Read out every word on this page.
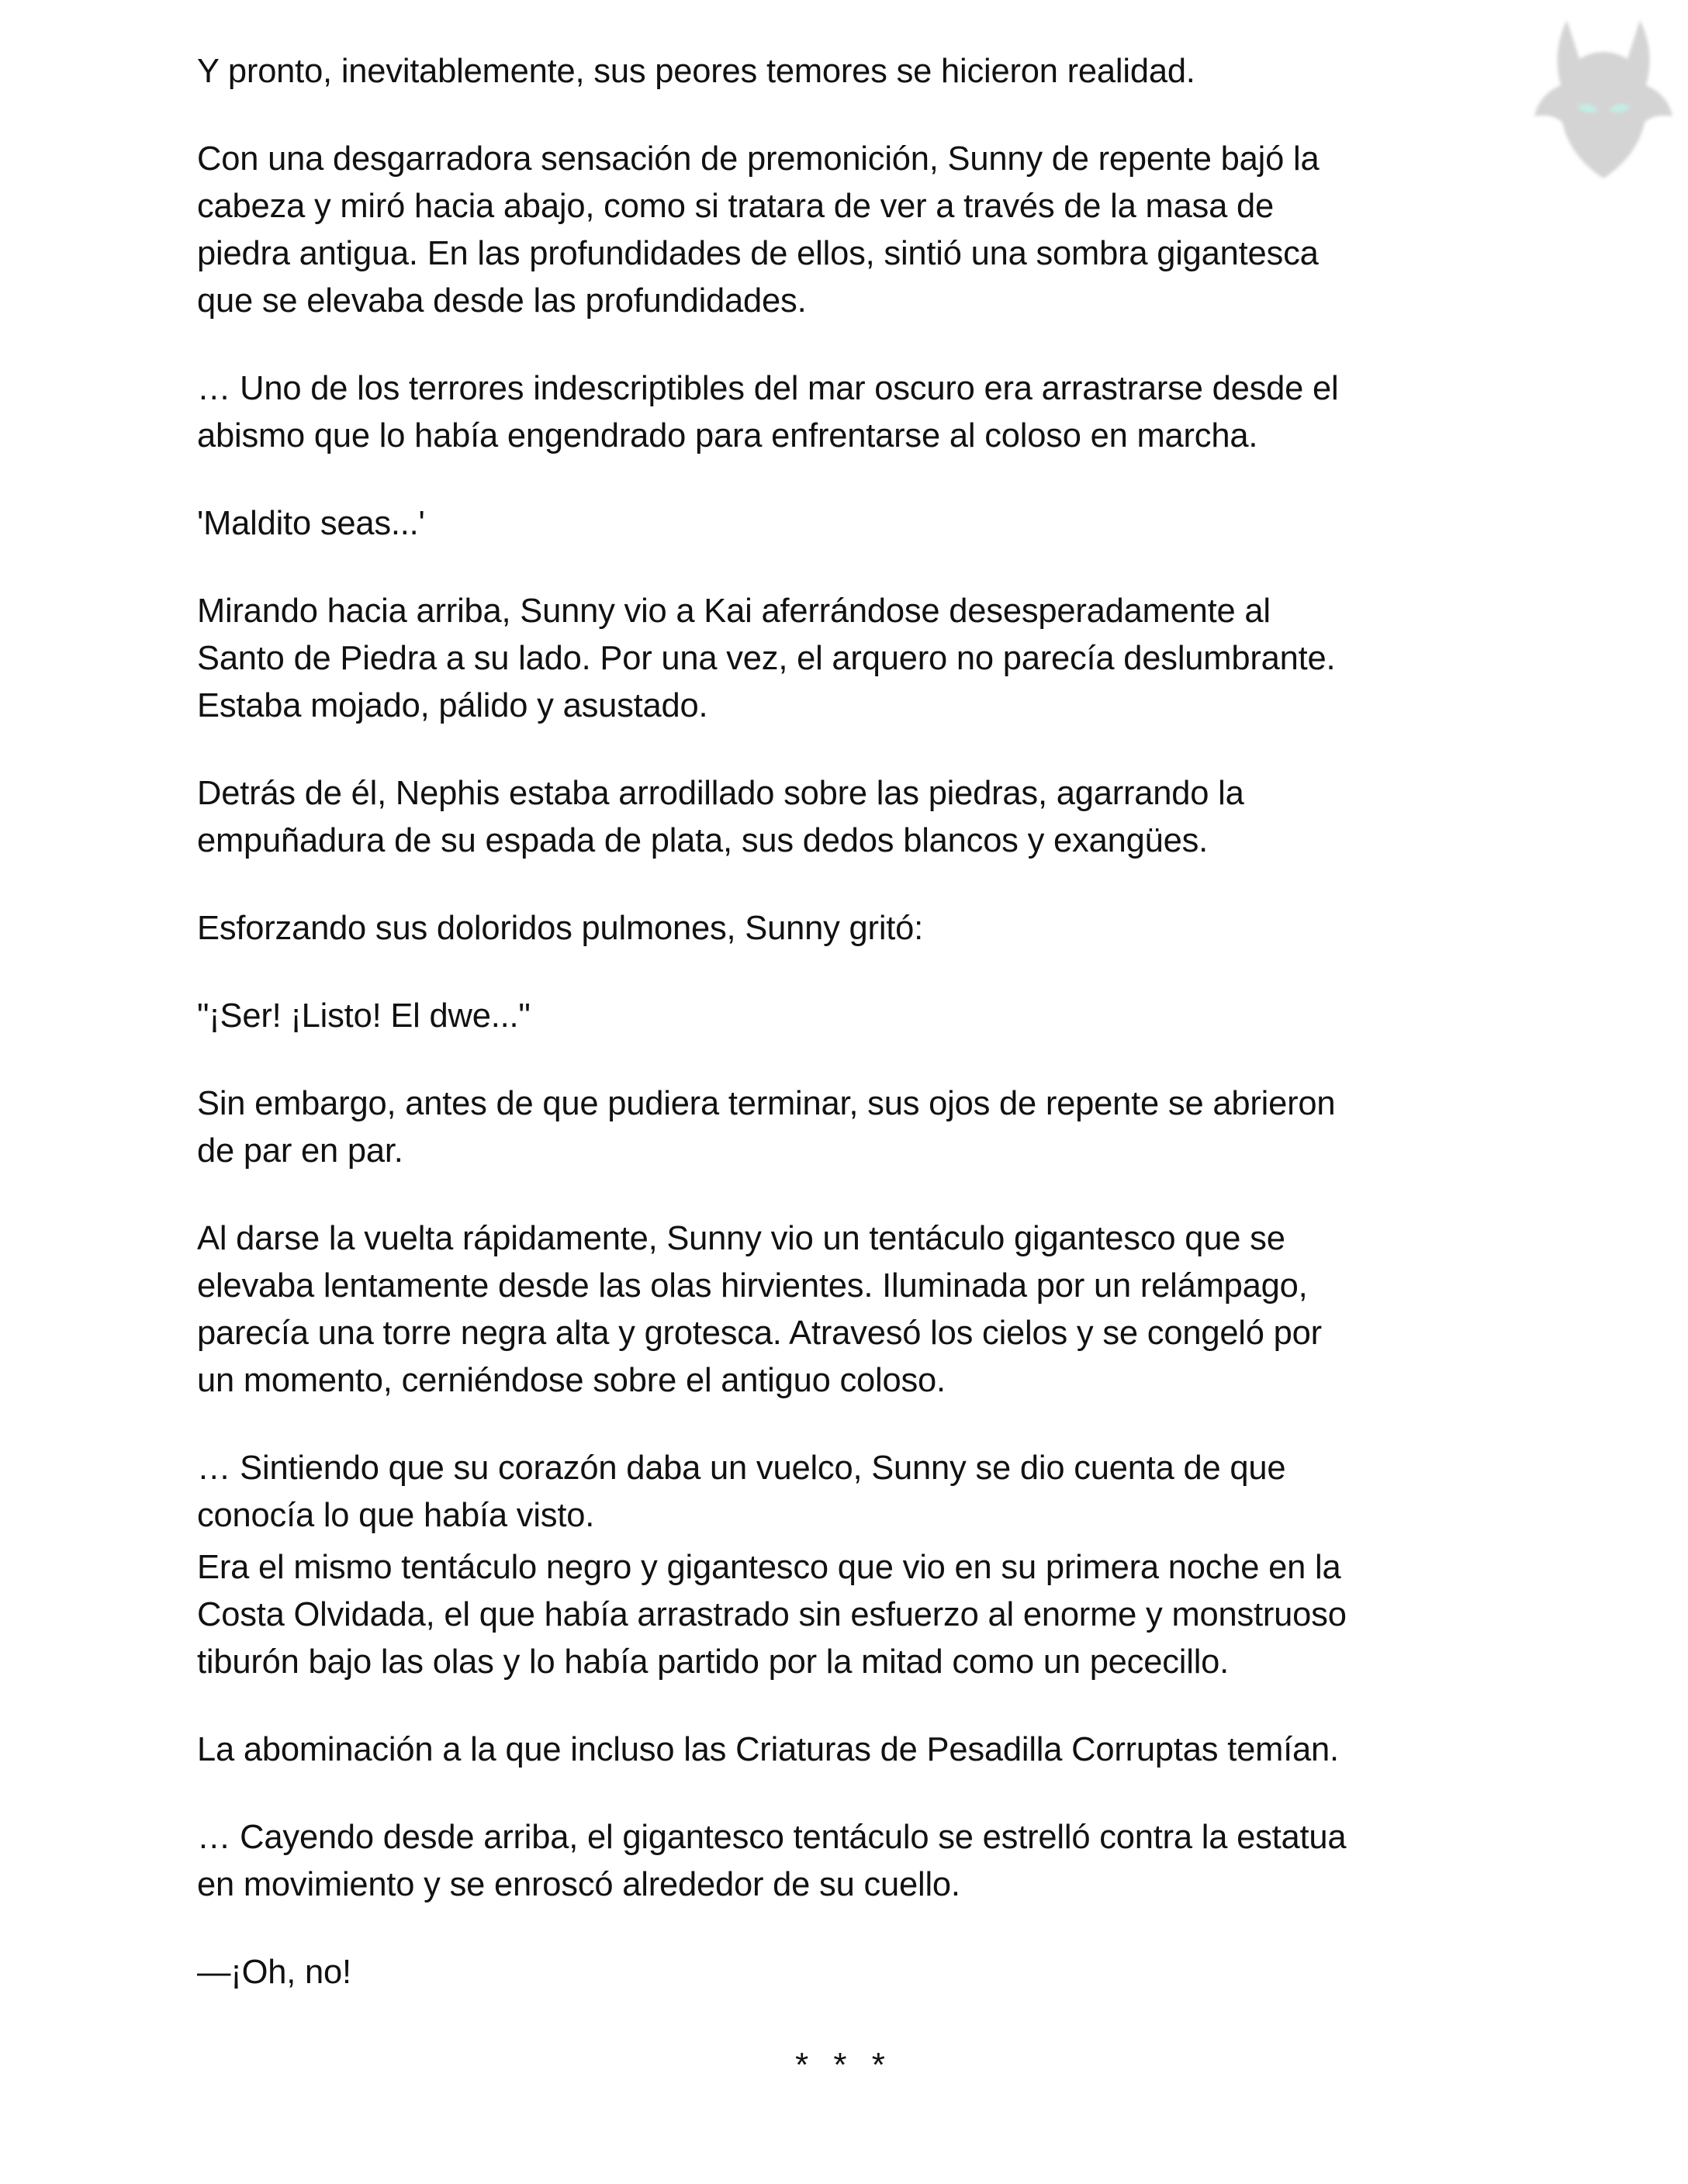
Y pronto, inevitablemente, sus peores temores se hicieron realidad.

Con una desgarradora sensación de premonición, Sunny de repente bajó la
cabeza y miró hacia abajo, como si tratara de ver a través de la masa de
piedra antigua. En las profundidades de ellos, sintió una sombra gigantesca
que se elevaba desde las profundidades.

… Uno de los terrores indescriptibles del mar oscuro era arrastrarse desde el
abismo que lo había engendrado para enfrentarse al coloso en marcha.

'Maldito seas...'

Mirando hacia arriba, Sunny vio a Kai aferrándose desesperadamente al
Santo de Piedra a su lado. Por una vez, el arquero no parecía deslumbrante.
Estaba mojado, pálido y asustado.

Detrás de él, Nephis estaba arrodillado sobre las piedras, agarrando la
empuñadura de su espada de plata, sus dedos blancos y exangües.

Esforzando sus doloridos pulmones, Sunny gritó:

"¡Ser! ¡Listo! El dwe..."

Sin embargo, antes de que pudiera terminar, sus ojos de repente se abrieron
de par en par.

Al darse la vuelta rápidamente, Sunny vio un tentáculo gigantesco que se
elevaba lentamente desde las olas hirvientes. Iluminada por un relámpago,
parecía una torre negra alta y grotesca. Atravesó los cielos y se congeló por
un momento, cerniéndose sobre el antiguo coloso.

… Sintiendo que su corazón daba un vuelco, Sunny se dio cuenta de que
conocía lo que había visto.

Era el mismo tentáculo negro y gigantesco que vio en su primera noche en la
Costa Olvidada, el que había arrastrado sin esfuerzo al enorme y monstruoso
tiburón bajo las olas y lo había partido por la mitad como un pececillo.

La abominación a la que incluso las Criaturas de Pesadilla Corruptas temían.

… Cayendo desde arriba, el gigantesco tentáculo se estrelló contra la estatua
en movimiento y se enroscó alrededor de su cuello.

—¡Oh, no!

* * *
